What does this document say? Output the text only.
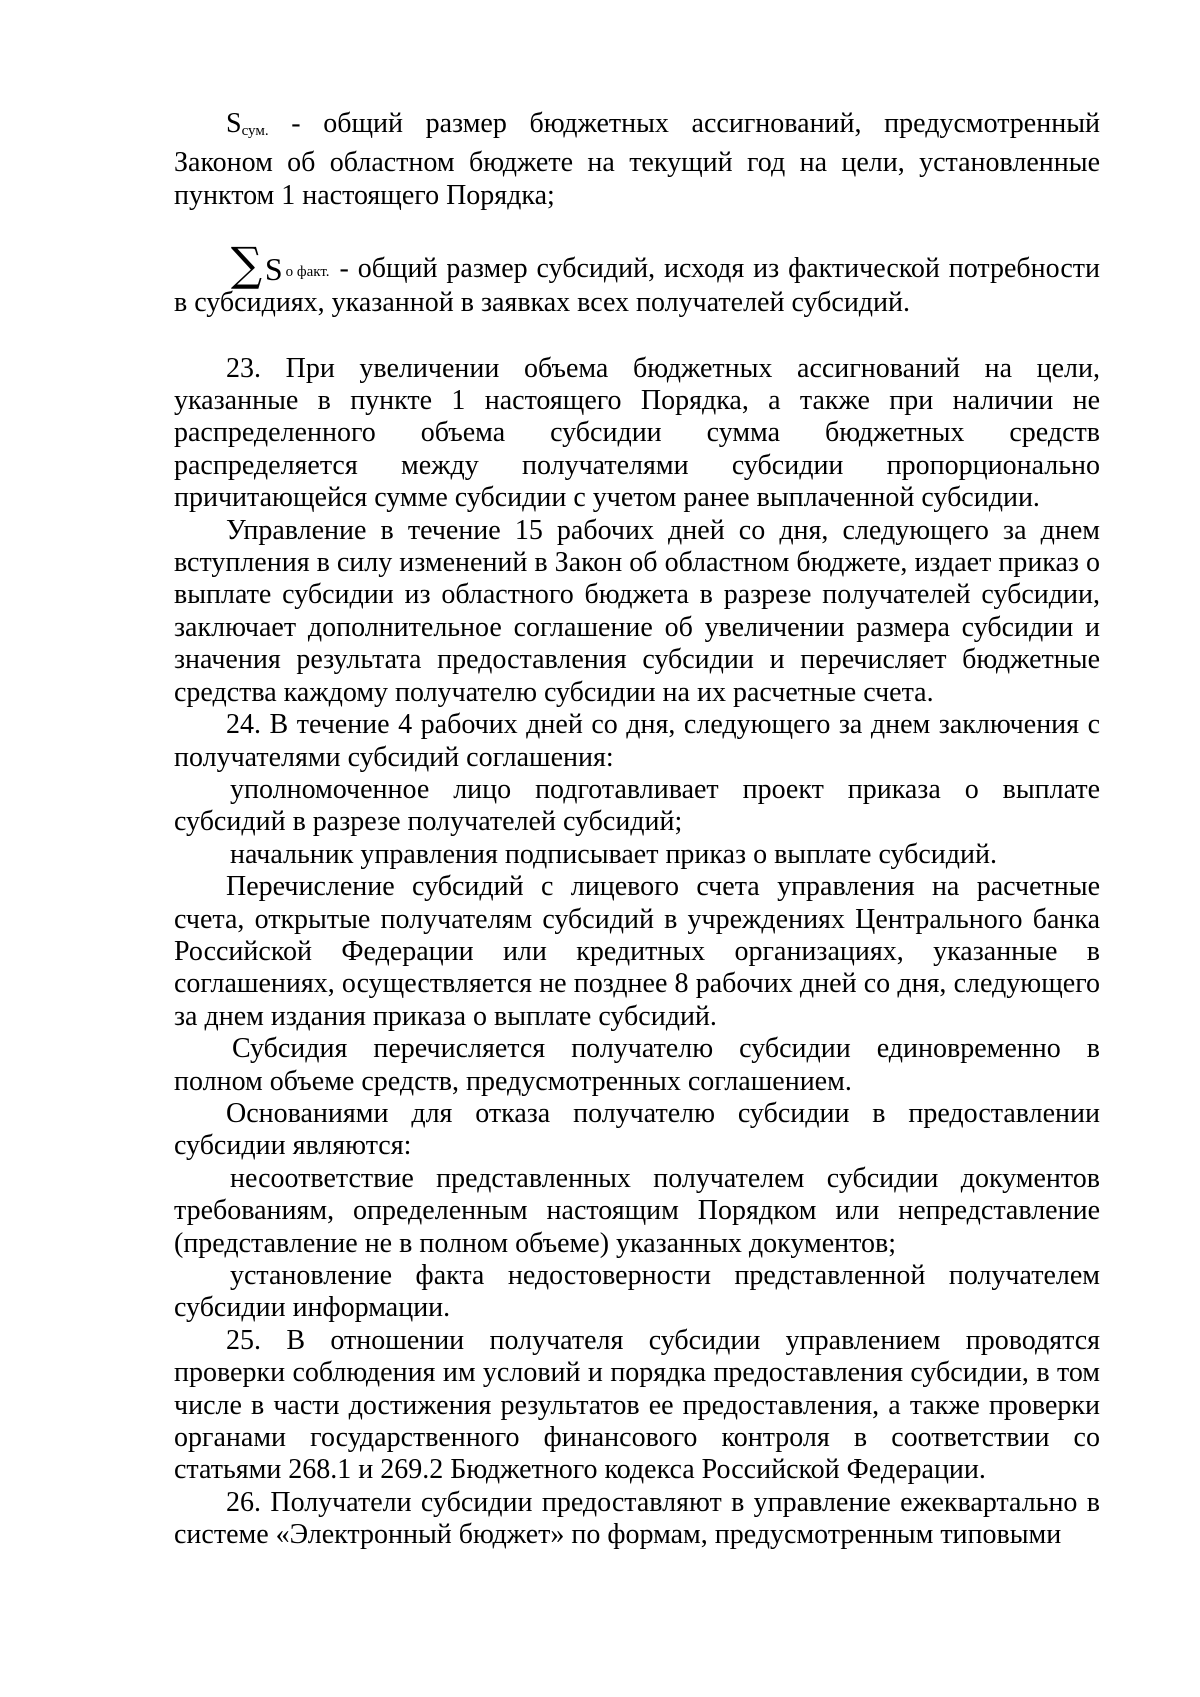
$S_{сум.}$ - общий размер бюджетных ассигнований, предусмотренный Законом об областном бюджете на текущий год на цели, установленные пунктом 1 настоящего Порядка;

∑ S о факт. - общий размер субсидий, исходя из фактической потребности

в субсидиях, указанной в заявках всех получателей субсидий.

23. При увеличении объема бюджетных ассигнований на цели, указанные в пункте 1 настоящего Порядка, а также при наличии не распределенного объема субсидии сумма бюджетных средств распределяется между получателями субсидии пропорционально причитающейся сумме субсидии с учетом ранее выплаченной субсидии.

Управление в течение 15 рабочих дней со дня, следующего за днем вступления в силу изменений в Закон об областном бюджете, издает приказ о выплате субсидии из областного бюджета в разрезе получателей субсидии, заключает дополнительное соглашение об увеличении размера субсидии и значения результата предоставления субсидии и перечисляет бюджетные средства каждому получателю субсидии на их расчетные счета.

24. В течение 4 рабочих дней со дня, следующего за днем заключения с получателями субсидий соглашения:

уполномоченное лицо подготавливает проект приказа о выплате субсидий в разрезе получателей субсидий;

начальник управления подписывает приказ о выплате субсидий.

Перечисление субсидий с лицевого счета управления на расчетные счета, открытые получателям субсидий в учреждениях Центрального банка Российской Федерации или кредитных организациях, указанные в соглашениях, осуществляется не позднее 8 рабочих дней со дня, следующего за днем издания приказа о выплате субсидий.

Субсидия перечисляется получателю субсидии единовременно в полном объеме средств, предусмотренных соглашением.

Основаниями для отказа получателю субсидии в предоставлении субсидии являются:

несоответствие представленных получателем субсидии документов требованиям, определенным настоящим Порядком или непредставление (представление не в полном объеме) указанных документов;

установление факта недостоверности представленной получателем субсидии информации.

25. В отношении получателя субсидии управлением проводятся проверки соблюдения им условий и порядка предоставления субсидии, в том числе в части достижения результатов ее предоставления, а также проверки органами государственного финансового контроля в соответствии со статьями 268.1 и 269.2 Бюджетного кодекса Российской Федерации.

26. Получатели субсидии предоставляют в управление ежеквартально в системе «Электронный бюджет» по формам, предусмотренным типовыми
